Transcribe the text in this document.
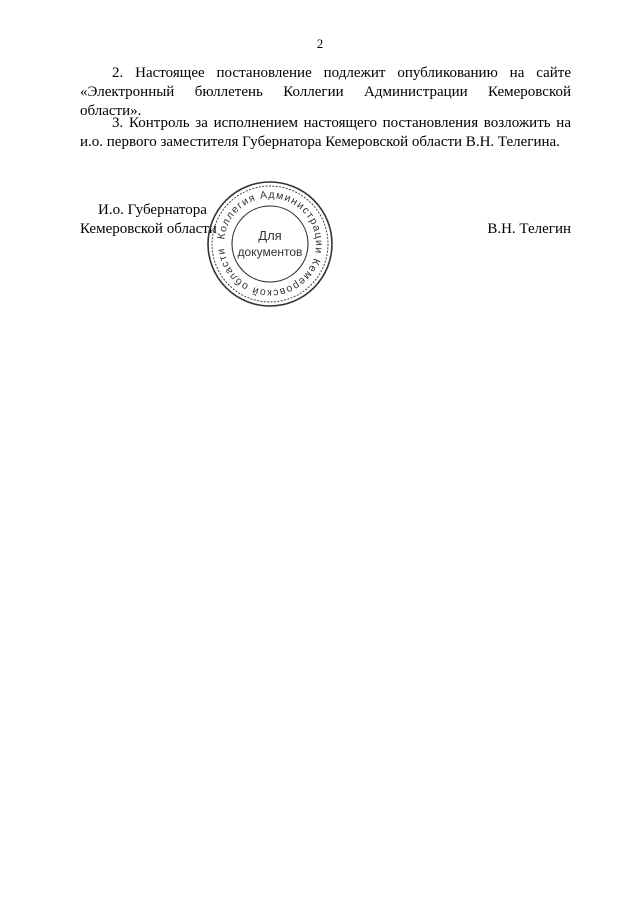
2
2. Настоящее постановление подлежит опубликованию на сайте
«Электронный бюллетень Коллегии Администрации Кемеровской
области».
3. Контроль за исполнением настоящего постановления возложить на
и.о. первого заместителя Губернатора Кемеровской области В.Н. Телегина.
И.о. Губернатора
Кемеровской области	В.Н. Телегин
Коллегия Администрации Кемеровской области
Для
документов
